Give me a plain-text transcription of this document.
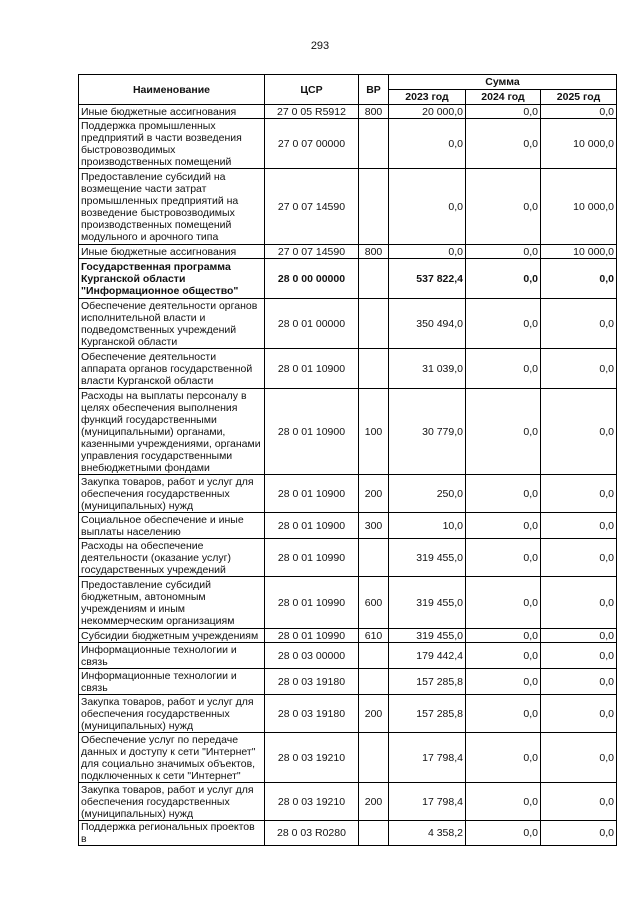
293
Наименование	ЦСР	ВР	Сумма		
			2023 год	2024 год	2025 год
Иные бюджетные ассигнования	27 0 05 R5912	800	20 000,0	0,0	0,0
Поддержка промышленных предприятий в части возведения быстровозводимых производственных помещений	27 0 07 00000		0,0	0,0	10 000,0
Предоставление субсидий на возмещение части затрат промышленных предприятий на возведение быстровозводимых производственных помещений модульного и арочного типа	27 0 07 14590		0,0	0,0	10 000,0
Иные бюджетные ассигнования	27 0 07 14590	800	0,0	0,0	10 000,0
Государственная программа Курганской области "Информационное общество"	28 0 00 00000		537 822,4	0,0	0,0
Обеспечение деятельности органов исполнительной власти и подведомственных учреждений Курганской области	28 0 01 00000		350 494,0	0,0	0,0
Обеспечение деятельности аппарата органов государственной власти Курганской области	28 0 01 10900		31 039,0	0,0	0,0
Расходы на выплаты персоналу в целях обеспечения выполнения функций государственными (муниципальными) органами, казенными учреждениями, органами управления государственными внебюджетными фондами	28 0 01 10900	100	30 779,0	0,0	0,0
Закупка товаров, работ и услуг для обеспечения государственных (муниципальных) нужд	28 0 01 10900	200	250,0	0,0	0,0
Социальное обеспечение и иные выплаты населению	28 0 01 10900	300	10,0	0,0	0,0
Расходы на обеспечение деятельности (оказание услуг) государственных учреждений	28 0 01 10990		319 455,0	0,0	0,0
Предоставление субсидий бюджетным, автономным учреждениям и иным некоммерческим организациям	28 0 01 10990	600	319 455,0	0,0	0,0
Субсидии бюджетным учреждениям	28 0 01 10990	610	319 455,0	0,0	0,0
Информационные технологии и связь	28 0 03 00000		179 442,4	0,0	0,0
Информационные технологии и связь	28 0 03 19180		157 285,8	0,0	0,0
Закупка товаров, работ и услуг для обеспечения государственных (муниципальных) нужд	28 0 03 19180	200	157 285,8	0,0	0,0
Обеспечение услуг по передаче данных и доступу к сети "Интернет" для социально значимых объектов, подключенных к сети "Интернет"	28 0 03 19210		17 798,4	0,0	0,0
Закупка товаров, работ и услуг для обеспечения государственных (муниципальных) нужд	28 0 03 19210	200	17 798,4	0,0	0,0
Поддержка региональных проектов в	28 0 03 R0280		4 358,2	0,0	0,0
